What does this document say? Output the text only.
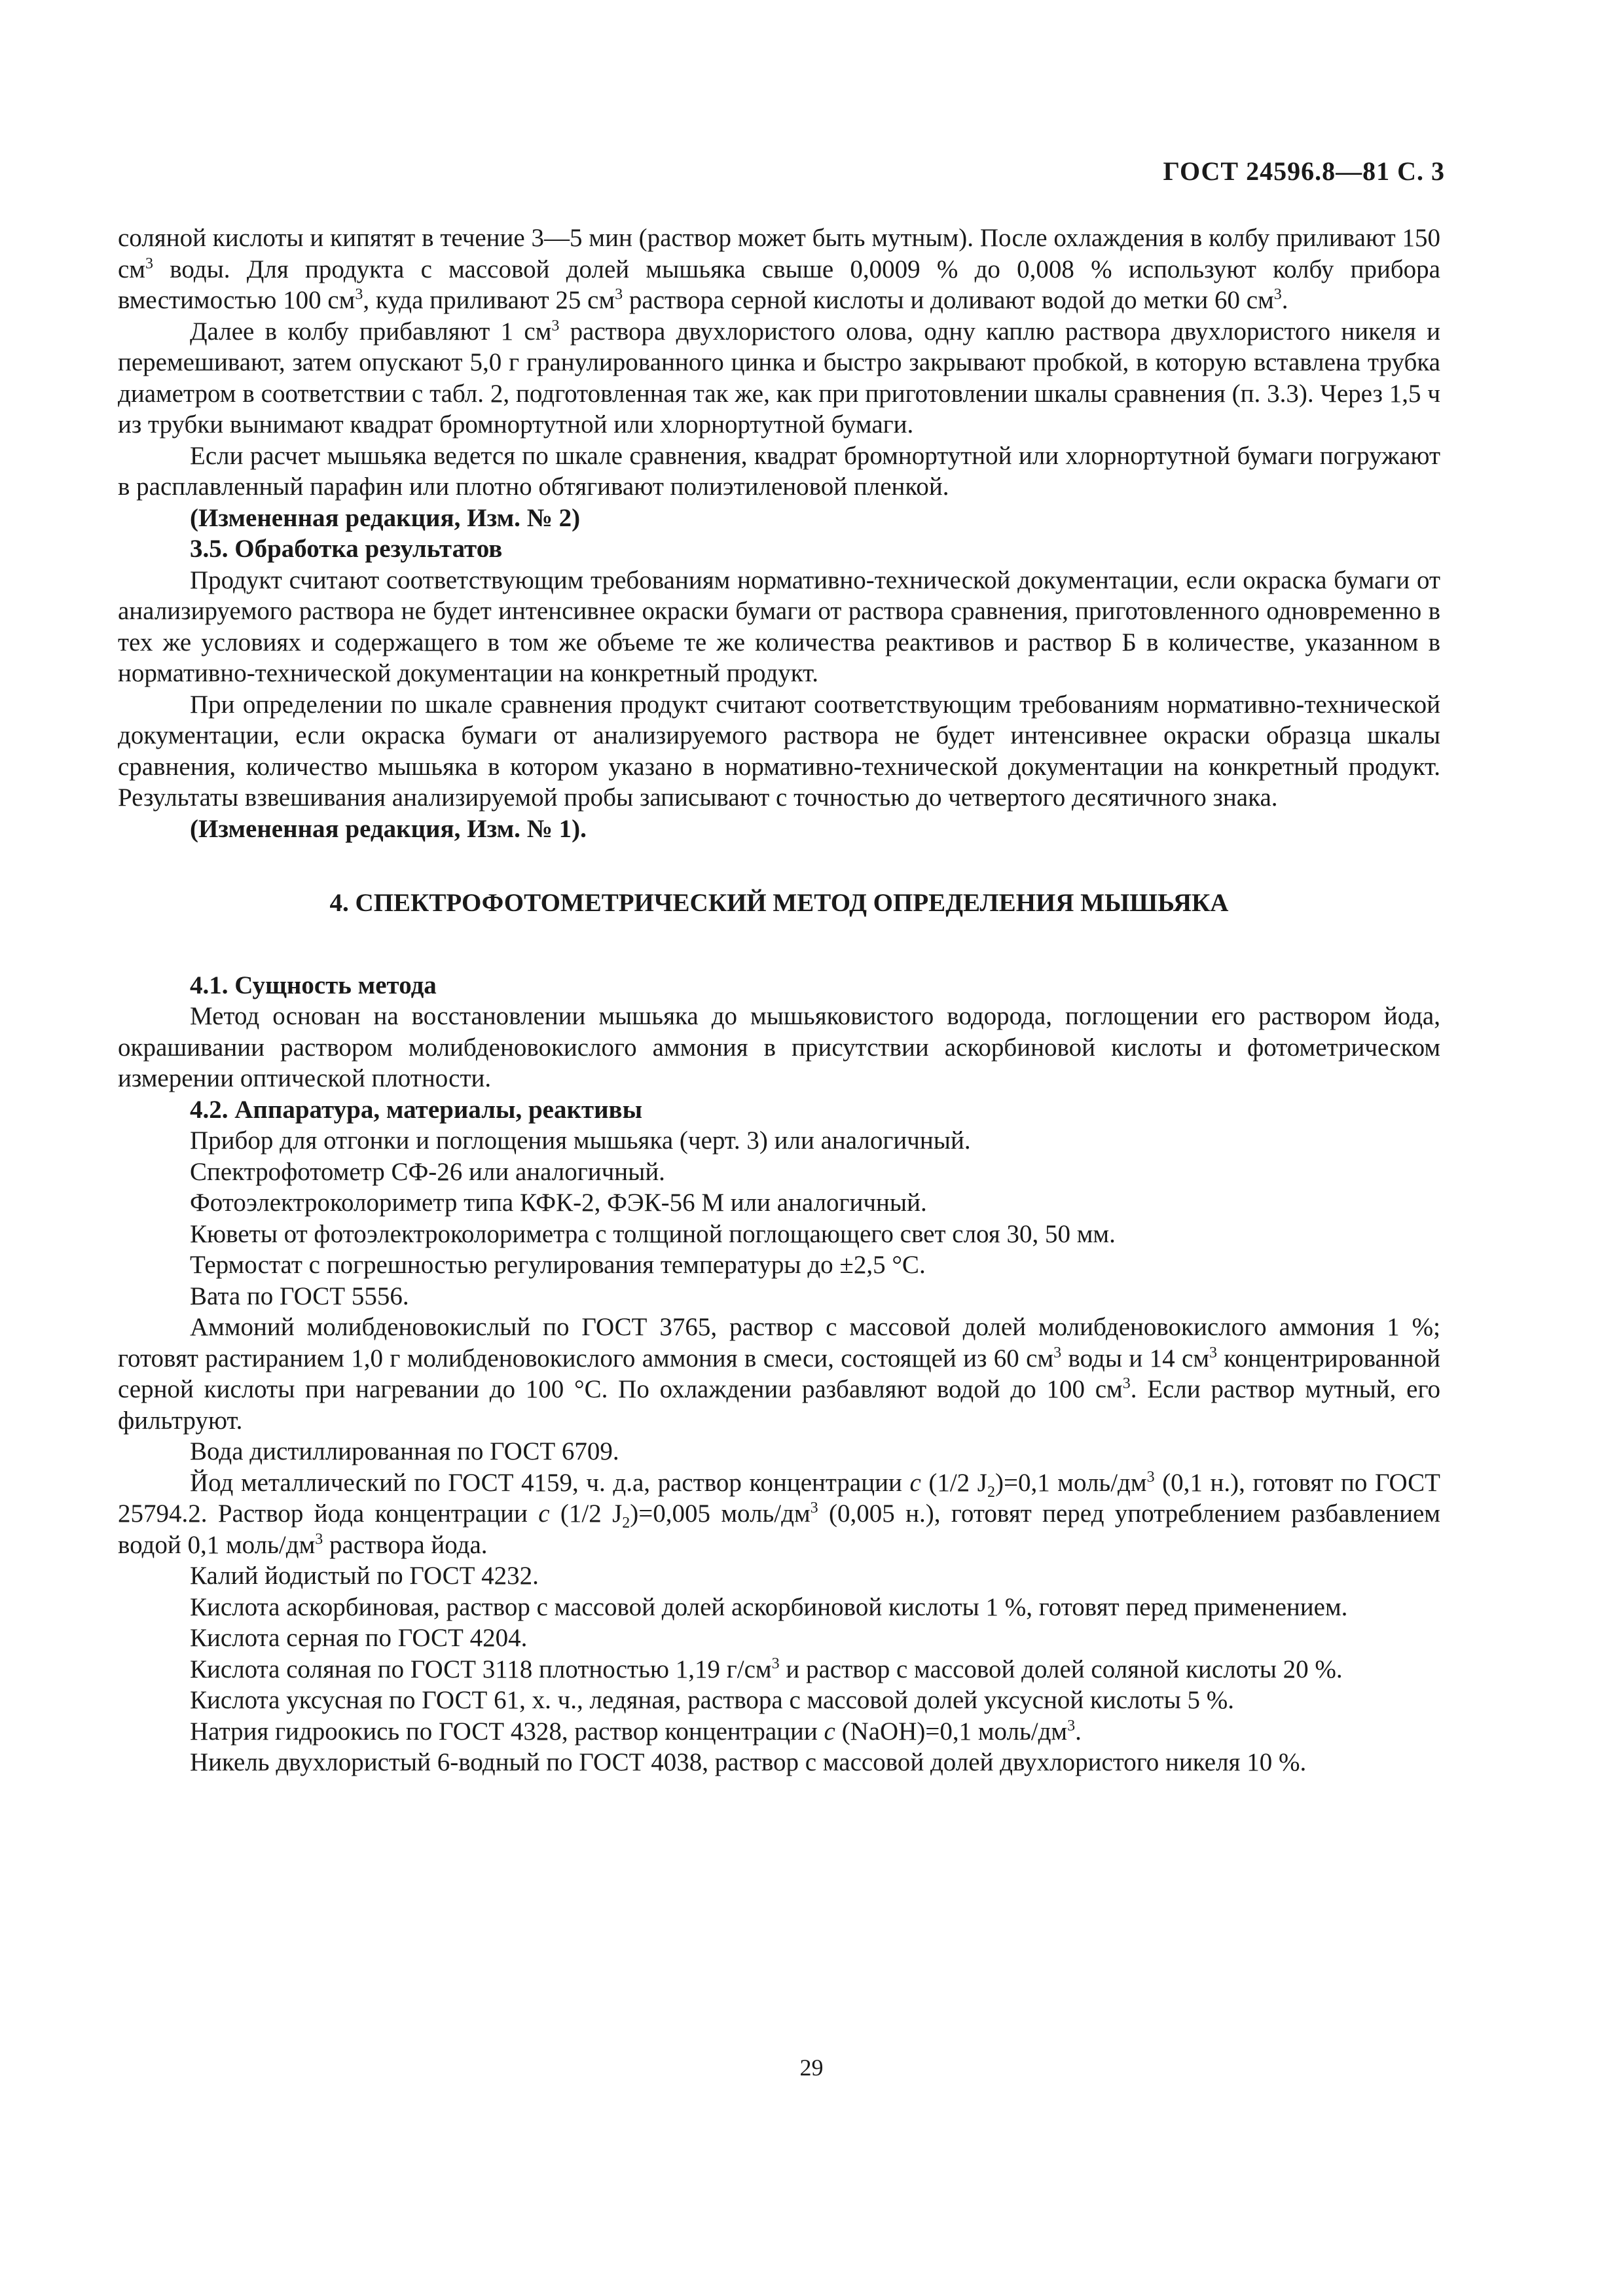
ГОСТ 24596.8—81 С. 3

соляной кислоты и кипятят в течение 3—5 мин (раствор может быть мутным). После охлаждения в колбу приливают 150 $см^3$ воды. Для продукта с массовой долей мышьяка свыше 0,0009 % до 0,008 % используют колбу прибора вместимостью 100 $см^3$, куда приливают 25 $см^3$ раствора серной кислоты и доливают водой до метки 60 $см^3$.

Далее в колбу прибавляют 1 $см^3$ раствора двухлористого олова, одну каплю раствора двухлористого никеля и перемешивают, затем опускают 5,0 г гранулированного цинка и быстро закрывают пробкой, в которую вставлена трубка диаметром в соответствии с табл. 2, подготовленная так же, как при приготовлении шкалы сравнения (п. 3.3). Через 1,5 ч из трубки вынимают квадрат бромнортутной или хлорнортутной бумаги.

Если расчет мышьяка ведется по шкале сравнения, квадрат бромнортутной или хлорнортутной бумаги погружают в расплавленный парафин или плотно обтягивают полиэтиленовой пленкой.

(Измененная редакция, Изм. № 2)

3.5. Обработка результатов

Продукт считают соответствующим требованиям нормативно-технической документации, если окраска бумаги от анализируемого раствора не будет интенсивнее окраски бумаги от раствора сравнения, приготовленного одновременно в тех же условиях и содержащего в том же объеме те же количества реактивов и раствор Б в количестве, указанном в нормативно-технической документации на конкретный продукт.

При определении по шкале сравнения продукт считают соответствующим требованиям нормативно-технической документации, если окраска бумаги от анализируемого раствора не будет интенсивнее окраски образца шкалы сравнения, количество мышьяка в котором указано в нормативно-технической документации на конкретный продукт. Результаты взвешивания анализируемой пробы записывают с точностью до четвертого десятичного знака.

(Измененная редакция, Изм. № 1).

4. СПЕКТРОФОТОМЕТРИЧЕСКИЙ МЕТОД ОПРЕДЕЛЕНИЯ МЫШЬЯКА

4.1. Сущность метода

Метод основан на восстановлении мышьяка до мышьяковистого водорода, поглощении его раствором йода, окрашивании раствором молибденовокислого аммония в присутствии аскорбиновой кислоты и фотометрическом измерении оптической плотности.

4.2. Аппаратура, материалы, реактивы

Прибор для отгонки и поглощения мышьяка (черт. 3) или аналогичный.

Спектрофотометр СФ-26 или аналогичный.

Фотоэлектроколориметр типа КФК-2, ФЭК-56 М или аналогичный.

Кюветы от фотоэлектроколориметра с толщиной поглощающего свет слоя 30, 50 мм.

Термостат с погрешностью регулирования температуры до ±2,5 °С.

Вата по ГОСТ 5556.

Аммоний молибденовокислый по ГОСТ 3765, раствор с массовой долей молибденовокислого аммония 1 %; готовят растиранием 1,0 г молибденовокислого аммония в смеси, состоящей из 60 $см^3$ воды и 14 $см^3$ концентрированной серной кислоты при нагревании до 100 °С. По охлаждении разбавляют водой до 100 $см^3$. Если раствор мутный, его фильтруют.

Вода дистиллированная по ГОСТ 6709.

Йод металлический по ГОСТ 4159, ч. д.а, раствор концентрации с (1/2 $J_2)=0,1$ моль/$дм^3$ (0,1 н.), готовят по ГОСТ 25794.2. Раствор йода концентрации с (1/2 $J_2)=0,005$ моль/$дм^3$ (0,005 н.), готовят перед употреблением разбавлением водой 0,1 моль/$дм^3$ раствора йода.

Калий йодистый по ГОСТ 4232.

Кислота аскорбиновая, раствор с массовой долей аскорбиновой кислоты 1 %, готовят перед применением.

Кислота серная по ГОСТ 4204.

Кислота соляная по ГОСТ 3118 плотностью 1,19 $г/см^3$ и раствор с массовой долей соляной кислоты 20 %.

Кислота уксусная по ГОСТ 61, х. ч., ледяная, раствора с массовой долей уксусной кислоты 5 %.

Натрия гидроокись по ГОСТ 4328, раствор концентрации с (NaOH)=0,1 моль/$дм^3$.

Никель двухлористый 6-водный по ГОСТ 4038, раствор с массовой долей двухлористого никеля 10 %.

29
